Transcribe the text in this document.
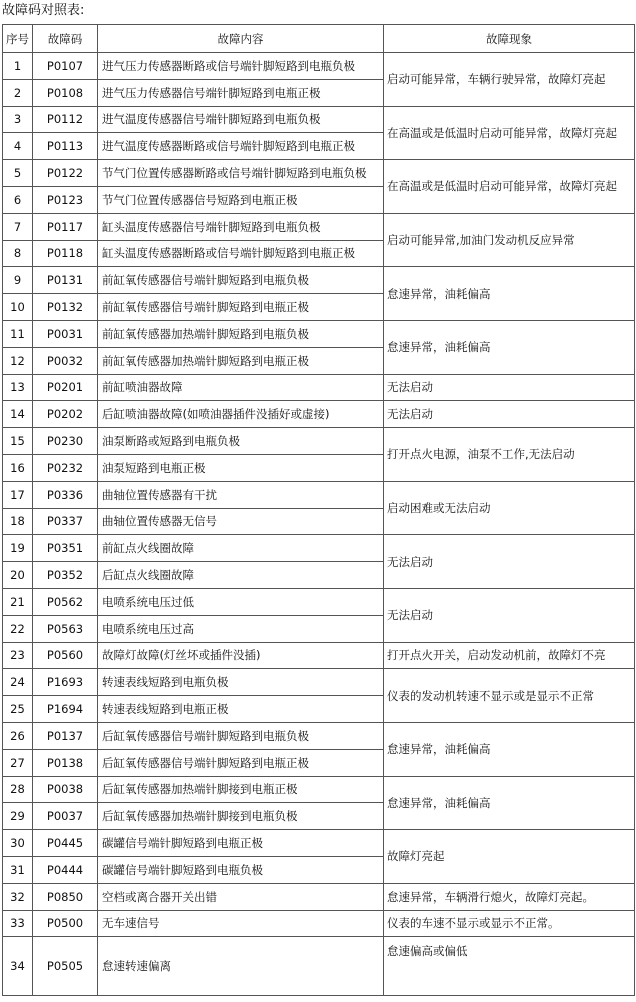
故障码对照表:
序号	故障码	故障内容	故障现象
1	P0107	进气压力传感器断路或信号端针脚短路到电瓶负极	启动可能异常，车辆行驶异常，故障灯亮起
2	P0108	进气压力传感器信号端针脚短路到电瓶正极	
3	P0112	进气温度传感器信号端针脚短路到电瓶负极	在高温或是低温时启动可能异常，故障灯亮起
4	P0113	进气温度传感器断路或信号端针脚短路到电瓶正极	
5	P0122	节气门位置传感器断路或信号端针脚短路到电瓶负极	在高温或是低温时启动可能异常，故障灯亮起
6	P0123	节气门位置传感器信号短路到电瓶正极	
7	P0117	缸头温度传感器信号端针脚短路到电瓶负极	启动可能异常,加油门发动机反应异常
8	P0118	缸头温度传感器断路或信号端针脚短路到电瓶正极	
9	P0131	前缸氧传感器信号端针脚短路到电瓶负极	怠速异常，油耗偏高
10	P0132	前缸氧传感器信号端针脚短路到电瓶正极	
11	P0031	前缸氧传感器加热端针脚短路到电瓶负极	怠速异常，油耗偏高
12	P0032	前缸氧传感器加热端针脚短路到电瓶正极	
13	P0201	前缸喷油器故障	无法启动
14	P0202	后缸喷油器故障(如喷油器插件没插好或虚接)	无法启动
15	P0230	油泵断路或短路到电瓶负极	打开点火电源，油泵不工作,无法启动
16	P0232	油泵短路到电瓶正极	
17	P0336	曲轴位置传感器有干扰	启动困难或无法启动
18	P0337	曲轴位置传感器无信号	
19	P0351	前缸点火线圈故障	无法启动
20	P0352	后缸点火线圈故障	
21	P0562	电喷系统电压过低	无法启动
22	P0563	电喷系统电压过高	
23	P0560	故障灯故障(灯丝坏或插件没插)	打开点火开关，启动发动机前，故障灯不亮
24	P1693	转速表线短路到电瓶负极	仪表的发动机转速不显示或是显示不正常
25	P1694	转速表线短路到电瓶正极	
26	P0137	后缸氧传感器信号端针脚短路到电瓶负极	怠速异常，油耗偏高
27	P0138	后缸氧传感器信号端针脚短路到电瓶正极	
28	P0038	后缸氧传感器加热端针脚接到电瓶正极	怠速异常，油耗偏高
29	P0037	后缸氧传感器加热端针脚接到电瓶负极	
30	P0445	碳罐信号端针脚短路到电瓶正极	故障灯亮起
31	P0444	碳罐信号端针脚短路到电瓶负极	
32	P0850	空档或离合器开关出错	怠速异常，车辆滑行熄火，故障灯亮起。
33	P0500	无车速信号	仪表的车速不显示或显示不正常。
34	P0505	怠速转速偏离	怠速偏高或偏低
